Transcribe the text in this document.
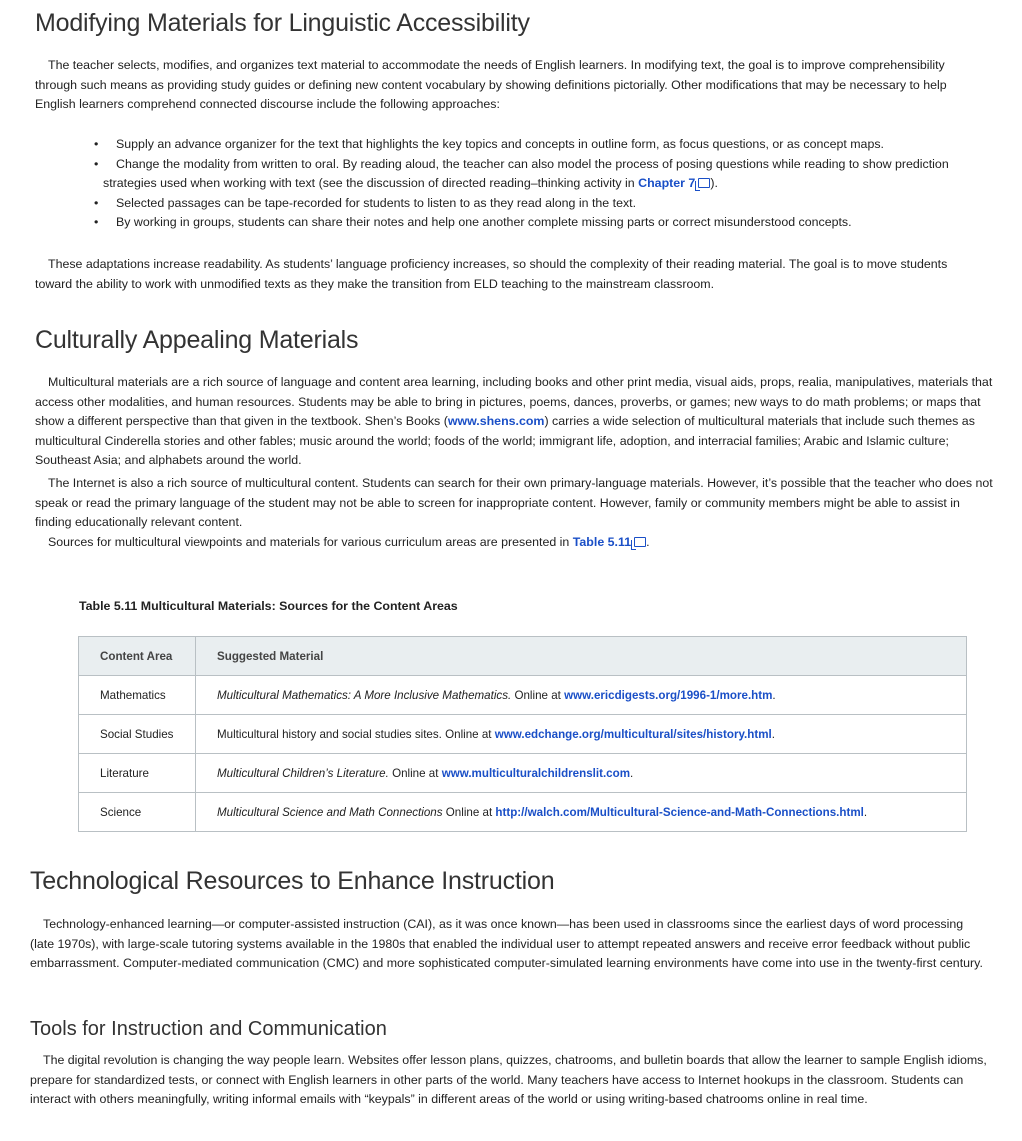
Modifying Materials for Linguistic Accessibility

The teacher selects, modifies, and organizes text material to accommodate the needs of English learners. In modifying text, the goal is to improve comprehensibility through such means as providing study guides or defining new content vocabulary by showing definitions pictorially. Other modifications that may be necessary to help English learners comprehend connected discourse include the following approaches:

• Supply an advance organizer for the text that highlights the key topics and concepts in outline form, as focus questions, or as concept maps.
• Change the modality from written to oral. By reading aloud, the teacher can also model the process of posing questions while reading to show prediction strategies used when working with text (see the discussion of directed reading–thinking activity in Chapter 7 ).
• Selected passages can be tape-recorded for students to listen to as they read along in the text.
• By working in groups, students can share their notes and help one another complete missing parts or correct misunderstood concepts.

These adaptations increase readability. As students’ language proficiency increases, so should the complexity of their reading material. The goal is to move students toward the ability to work with unmodified texts as they make the transition from ELD teaching to the mainstream classroom.

Culturally Appealing Materials

Multicultural materials are a rich source of language and content area learning, including books and other print media, visual aids, props, realia, manipulatives, materials that access other modalities, and human resources. Students may be able to bring in pictures, poems, dances, proverbs, or games; new ways to do math problems; or maps that show a different perspective than that given in the textbook. Shen’s Books (www.shens.com) carries a wide selection of multicultural materials that include such themes as multicultural Cinderella stories and other fables; music around the world; foods of the world; immigrant life, adoption, and interracial families; Arabic and Islamic culture; Southeast Asia; and alphabets around the world.

The Internet is also a rich source of multicultural content. Students can search for their own primary-language materials. However, it’s possible that the teacher who does not speak or read the primary language of the student may not be able to screen for inappropriate content. However, family or community members might be able to assist in finding educationally relevant content.

Sources for multicultural viewpoints and materials for various curriculum areas are presented in Table 5.11 .

Table 5.11 Multicultural Materials: Sources for the Content Areas
Content Area	Suggested Material
Mathematics	Multicultural Mathematics: A More Inclusive Mathematics. Online at www.ericdigests.org/1996-1/more.htm.
Social Studies	Multicultural history and social studies sites. Online at www.edchange.org/multicultural/sites/history.html.
Literature	Multicultural Children’s Literature. Online at www.multiculturalchildrenslit.com.
Science	Multicultural Science and Math Connections Online at http://walch.com/Multicultural-Science-and-Math-Connections.html.
Technological Resources to Enhance Instruction

Technology-enhanced learning—or computer-assisted instruction (CAI), as it was once known—has been used in classrooms since the earliest days of word processing (late 1970s), with large-scale tutoring systems available in the 1980s that enabled the individual user to attempt repeated answers and receive error feedback without public embarrassment. Computer-mediated communication (CMC) and more sophisticated computer-simulated learning environments have come into use in the twenty-first century.

Tools for Instruction and Communication

The digital revolution is changing the way people learn. Websites offer lesson plans, quizzes, chatrooms, and bulletin boards that allow the learner to sample English idioms, prepare for standardized tests, or connect with English learners in other parts of the world. Many teachers have access to Internet hookups in the classroom. Students can interact with others meaningfully, writing informal emails with “keypals” in different areas of the world or using writing-based chatrooms online in real time.
